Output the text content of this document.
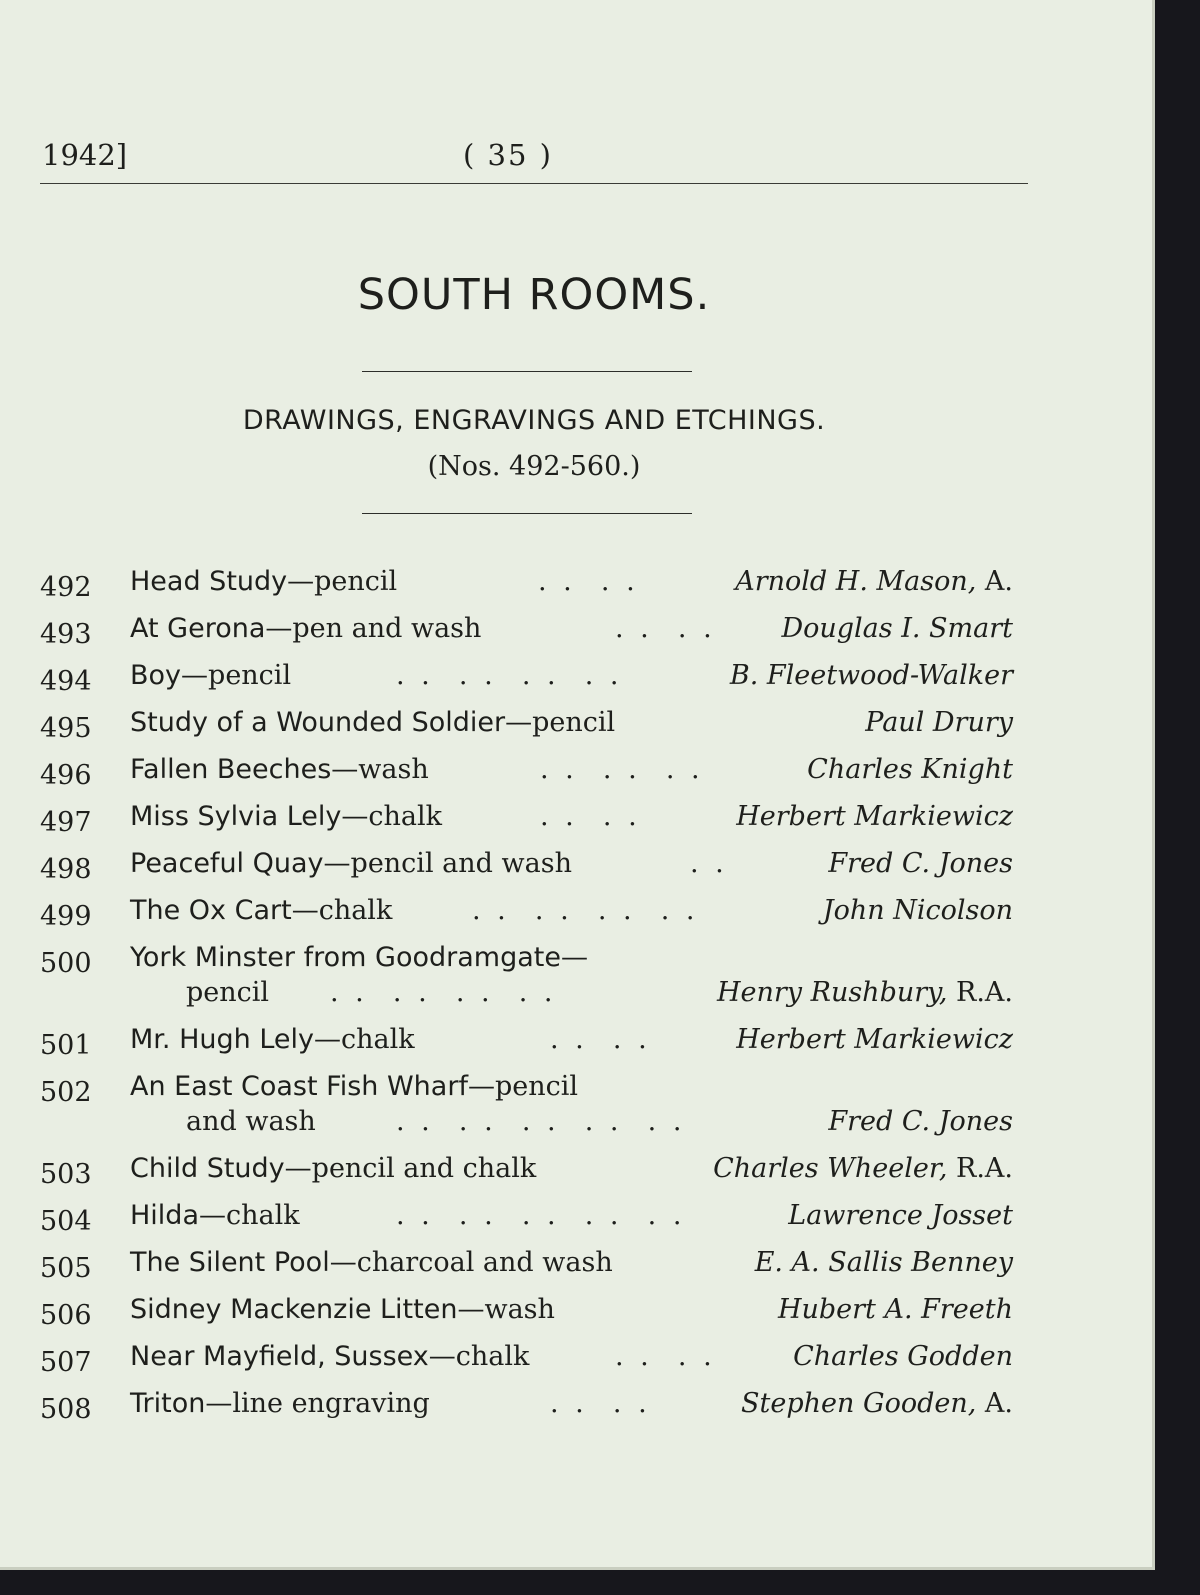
1942]	( 35 )
SOUTH ROOMS.
DRAWINGS, ENGRAVINGS AND ETCHINGS.
(Nos. 492-560.)
492 Head Study—pencil	. .  . .	Arnold H. Mason, A.
493 At Gerona—pen and wash	. .  . . Douglas I. Smart
494 Boy—pencil	. .  . .  . .  . .	B. Fleetwood-Walker
495 Study of a Wounded Soldier—pencil	Paul Drury
496 Fallen Beeches—wash	. .  . .  . .	Charles Knight
497 Miss Sylvia Lely—chalk	. .  . .	Herbert Markiewicz
498 Peaceful Quay—pencil and wash	. .	Fred C. Jones
499 The Ox Cart—chalk	. .  . .  . .  . .	John Nicolson
500 York Minster from Goodramgate—
pencil . .  . .  . .  . .	Henry Rushbury, R.A.
501 Mr. Hugh Lely—chalk	. .  . .	Herbert Markiewicz
502 An East Coast Fish Wharf—pencil
and wash	. .  . .  . .  . .  . .	Fred C. Jones
503 Child Study—pencil and chalk	Charles Wheeler, R.A.
504 Hilda—chalk	. .  . .  . .  . .  . .	Lawrence Josset
505 The Silent Pool—charcoal and wash	E. A. Sallis Benney
506 Sidney Mackenzie Litten—wash	Hubert A. Freeth
507 Near Mayfield, Sussex—chalk	. .  . .	Charles Godden
508 Triton—line engraving	. .  . .	Stephen Gooden, A.
